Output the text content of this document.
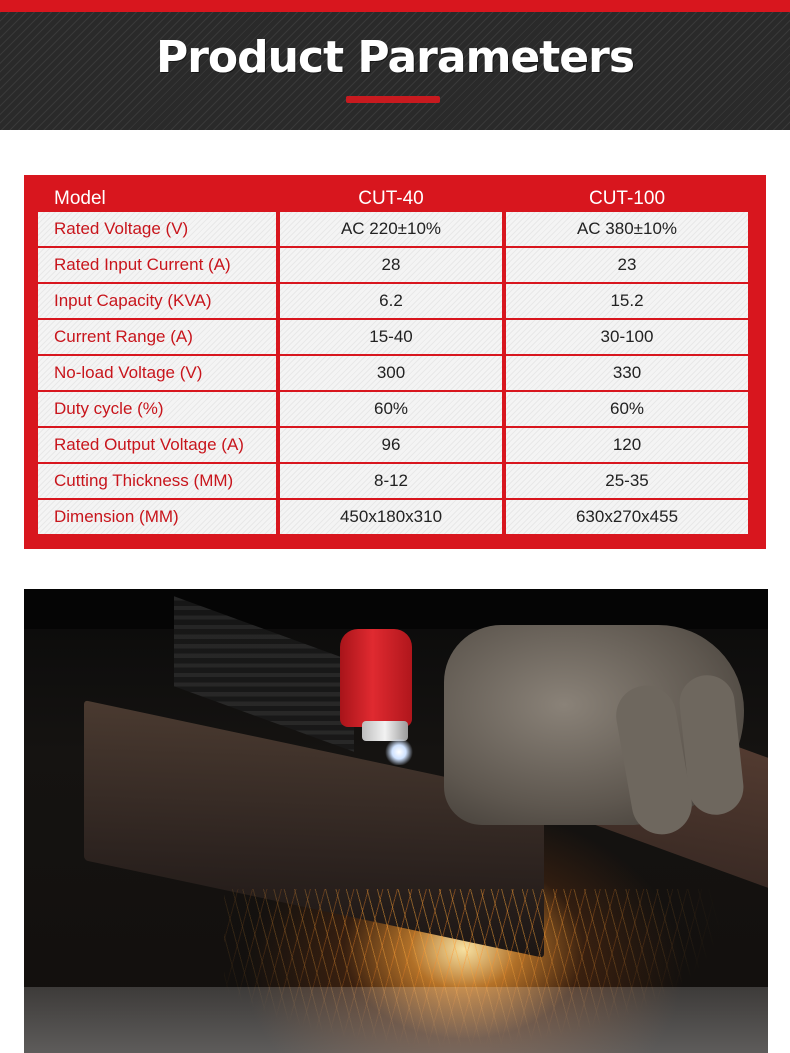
Product Parameters
Model	CUT-40	CUT-100
Rated Voltage (V)	AC 220±10%	AC 380±10%
Rated Input Current (A)	28	23
Input Capacity (KVA)	6.2	15.2
Current Range (A)	15-40	30-100
No-load Voltage (V)	300	330
Duty cycle (%)	60%	60%
Rated Output Voltage (A)	96	120
Cutting Thickness (MM)	8-12	25-35
Dimension (MM)	450x180x310	630x270x455
